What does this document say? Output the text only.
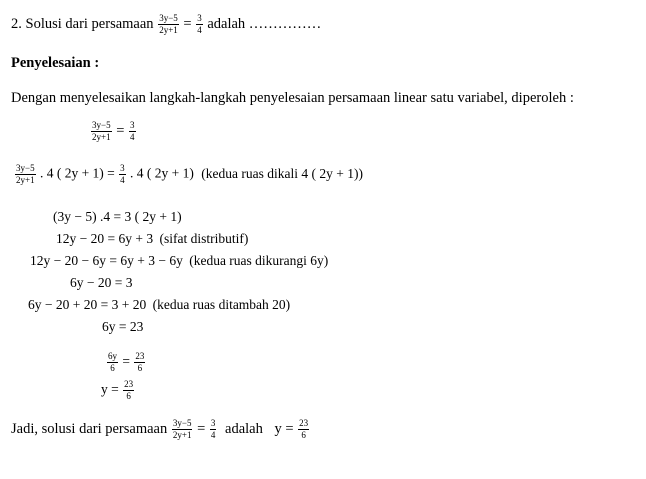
2. Solusi dari persamaan $\frac{3y-5}{2y+1} = \frac{3}{4}$ adalah ……………
Penyelesaian :
Dengan menyelesaikan langkah-langkah penyelesaian persamaan linear satu variabel, diperoleh :
$\frac{3y-5}{2y+1} = \frac{3}{4}$
$\frac{3y-5}{2y+1}$ . 4 ( $2y + 1) = \frac{3}{4}$ . 4 ( 2y + 1) (kedua ruas dikali 4 ( 2y + 1))
(3y − 5) .4 = 3 ( 2y + 1)
12y − 20 = 6y + 3 (sifat distributif)
12y − 20 − 6y = 6y + 3 − 6y (kedua ruas dikurangi 6y)
6y − 20 = 3
6y − 20 + 20 = 3 + 20 (kedua ruas ditambah 20)
6y = 23
$\frac{6y}{6} = \frac{23}{6}$
$y = \frac{23}{6}$
Jadi, solusi dari persamaan $\frac{3y-5}{2y+1} = \frac{3}{4}$ adalah $y = \frac{23}{6}$
